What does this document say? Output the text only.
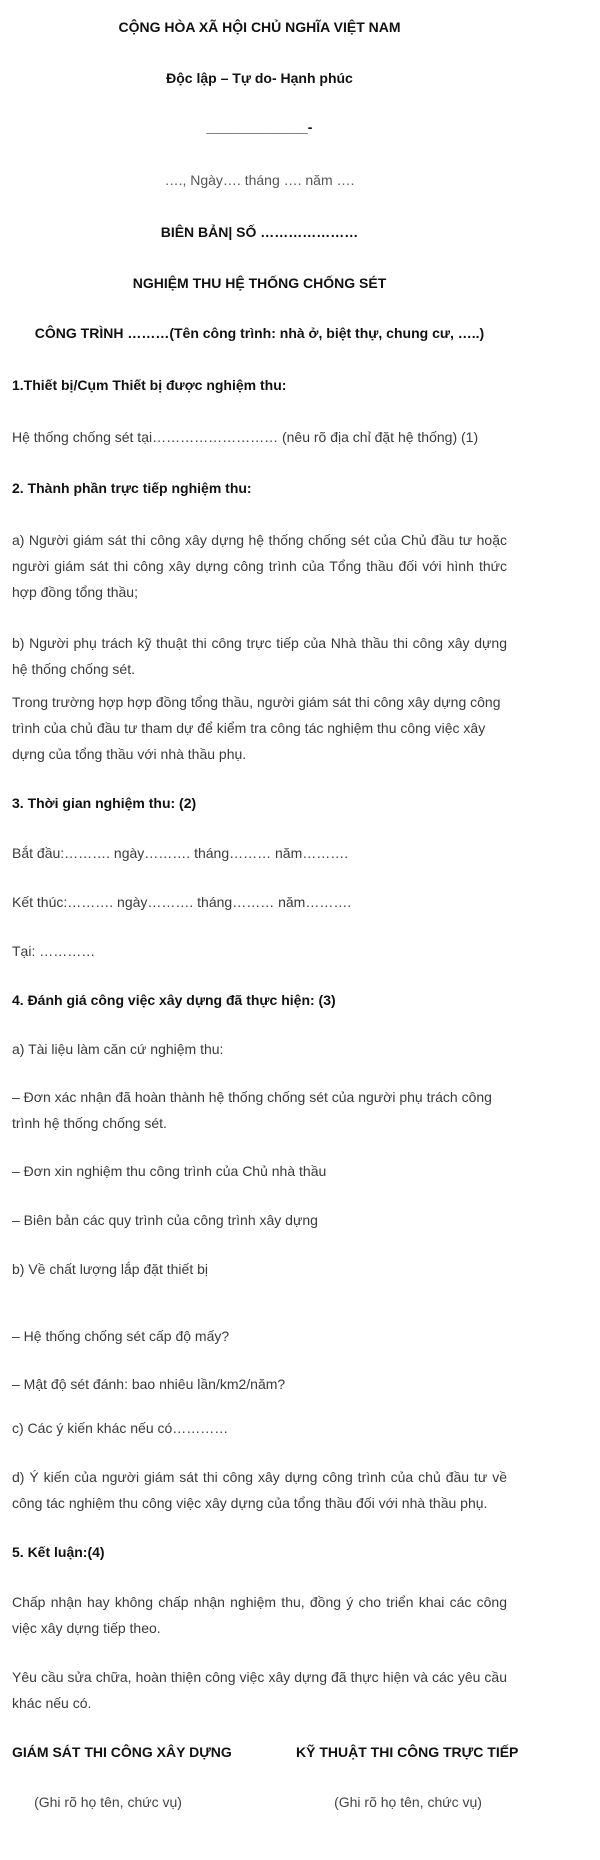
CỘNG HÒA XÃ HỘI CHỦ NGHĨA VIỆT NAM
Độc lập – Tự do- Hạnh phúc
_____________-
…., Ngày…. tháng …. năm ….
BIÊN BẢN| SỐ …………………
NGHIỆM THU HỆ THỐNG CHỐNG SÉT
CÔNG TRÌNH ………(Tên công trình: nhà ở, biệt thự, chung cư, …..)
1.Thiết bị/Cụm Thiết bị được nghiệm thu:
Hệ thống chống sét tại……………………… (nêu rõ địa chỉ đặt hệ thống) (1)
2. Thành phần trực tiếp nghiệm thu:
a) Người giám sát thi công xây dựng hệ thống chống sét của Chủ đầu tư hoặc người giám sát thi công xây dựng công trình của Tổng thầu đối với hình thức hợp đồng tổng thầu;
b) Người phụ trách kỹ thuật thi công trực tiếp của Nhà thầu thi công xây dựng hệ thống chống sét.
Trong trường hợp hợp đồng tổng thầu, người giám sát thi công xây dựng công trình của chủ đầu tư tham dự để kiểm tra công tác nghiệm thu công việc xây dựng của tổng thầu với nhà thầu phụ.
3. Thời gian nghiệm thu: (2)
Bắt đầu:………. ngày………. tháng……… năm……….
Kết thúc:………. ngày………. tháng……… năm……….
Tại: …………
4. Đánh giá công việc xây dựng đã thực hiện: (3)
a) Tài liệu làm căn cứ nghiệm thu:
– Đơn xác nhận đã hoàn thành hệ thống chống sét của người phụ trách công trình hệ thống chống sét.
– Đơn xin nghiệm thu công trình của Chủ nhà thầu
– Biên bản các quy trình của công trình xây dựng
b) Về chất lượng lắp đặt thiết bị
– Hệ thống chống sét cấp độ mấy?
– Mật độ sét đánh: bao nhiêu lần/km2/năm?
c) Các ý kiến khác nếu có…………
d) Ý kiến của người giám sát thi công xây dựng công trình của chủ đầu tư về công tác nghiệm thu công việc xây dựng của tổng thầu đối với nhà thầu phụ.
5. Kết luận:(4)
Chấp nhận hay không chấp nhận nghiệm thu, đồng ý cho triển khai các công việc xây dựng tiếp theo.
Yêu cầu sửa chữa, hoàn thiện công việc xây dựng đã thực hiện và các yêu cầu khác nếu có.
GIÁM SÁT THI CÔNG XÂY DỰNG	KỸ THUẬT THI CÔNG TRỰC TIẾP
(Ghi rõ họ tên, chức vụ)	(Ghi rõ họ tên, chức vụ)
